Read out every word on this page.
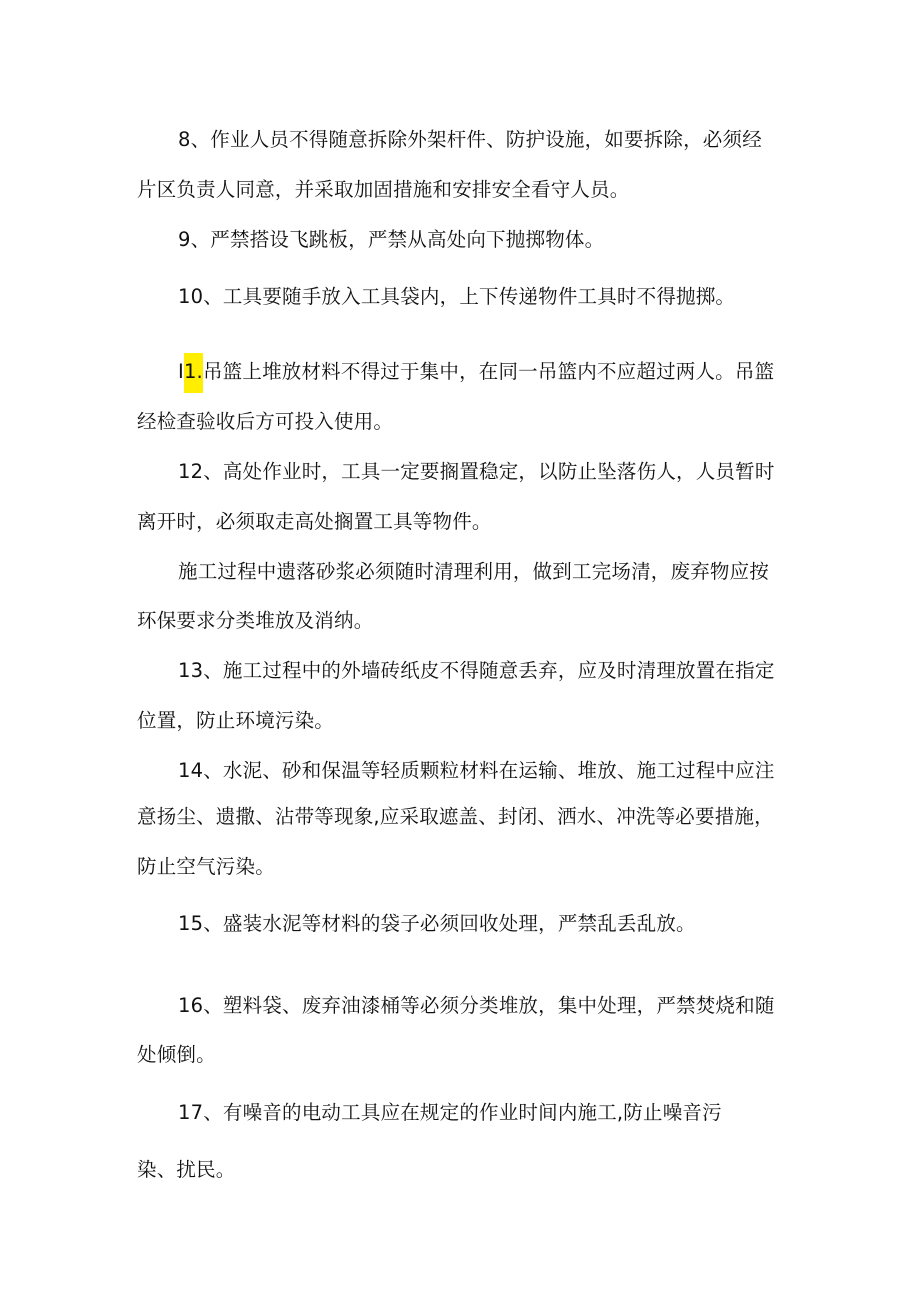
8、作业人员不得随意拆除外架杆件、防护设施，如要拆除，必须经
片区负责人同意，并采取加固措施和安排安全看守人员。
9、严禁搭设飞跳板，严禁从高处向下抛掷物体。
10、工具要随手放入工具袋内，上下传递物件工具时不得抛掷。
I1.吊篮上堆放材料不得过于集中，在同一吊篮内不应超过两人。吊篮
经检查验收后方可投入使用。
12、高处作业时，工具一定要搁置稳定，以防止坠落伤人，人员暂时
离开时，必须取走高处搁置工具等物件。
施工过程中遗落砂浆必须随时清理利用，做到工完场清，废弃物应按
环保要求分类堆放及消纳。
13、施工过程中的外墙砖纸皮不得随意丢弃，应及时清理放置在指定
位置，防止环境污染。
14、水泥、砂和保温等轻质颗粒材料在运输、堆放、施工过程中应注
意扬尘、遗撒、沾带等现象,应采取遮盖、封闭、洒水、冲洗等必要措施，
防止空气污染。
15、盛装水泥等材料的袋子必须回收处理，严禁乱丢乱放。
16、塑料袋、废弃油漆桶等必须分类堆放，集中处理，严禁焚烧和随
处倾倒。
17、有噪音的电动工具应在规定的作业时间内施工,防止噪音污
染、扰民。
